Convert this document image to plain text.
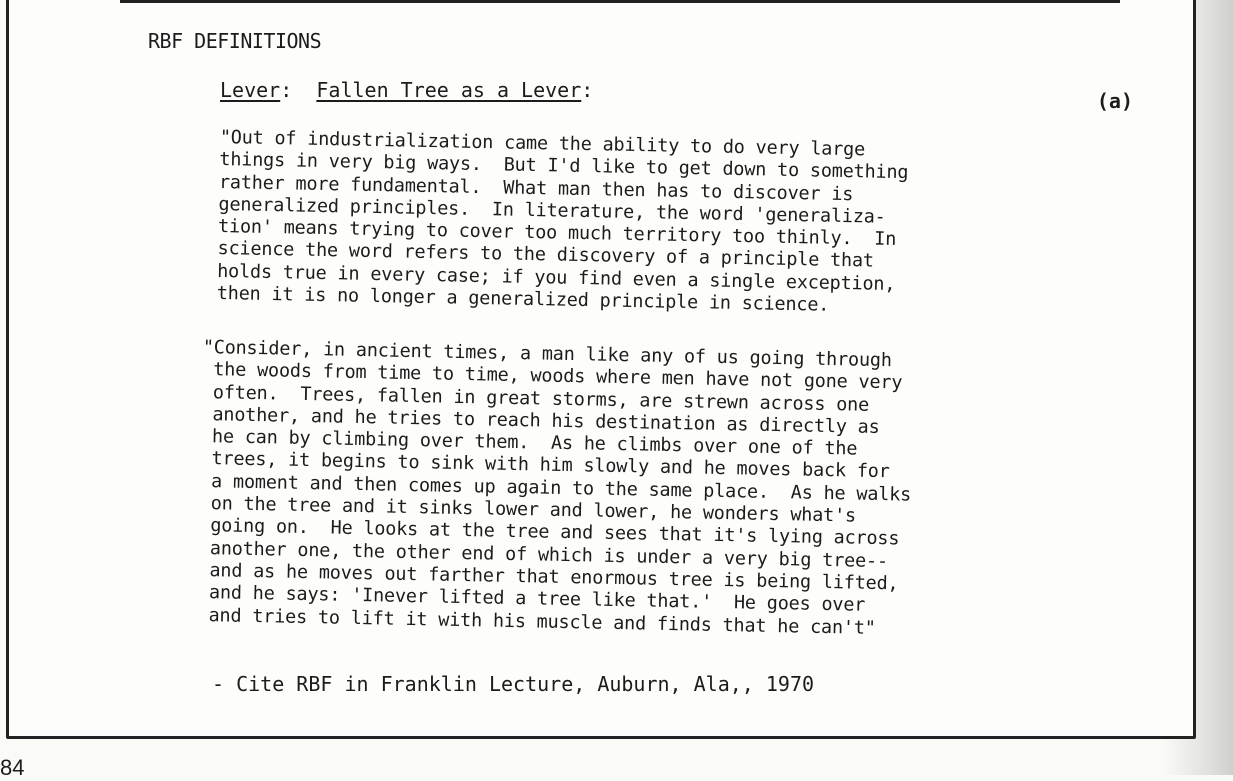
RBF DEFINITIONS
Lever: Fallen Tree as a Lever:	(a)
"Out of industrialization came the ability to do very large
things in very big ways.  But I'd like to get down to something
rather more fundamental.  What man then has to discover is
generalized principles.  In literature, the word 'generaliza-
tion' means trying to cover too much territory too thinly.  In
science the word refers to the discovery of a principle that
holds true in every case; if you find even a single exception,
then it is no longer a generalized principle in science.
"Consider, in ancient times, a man like any of us going through
the woods from time to time, woods where men have not gone very
often.  Trees, fallen in great storms, are strewn across one
another, and he tries to reach his destination as directly as
he can by climbing over them.  As he climbs over one of the
trees, it begins to sink with him slowly and he moves back for
a moment and then comes up again to the same place.  As he walks
on the tree and it sinks lower and lower, he wonders what's
going on.  He looks at the tree and sees that it's lying across
another one, the other end of which is under a very big tree--
and as he moves out farther that enormous tree is being lifted,
and he says: 'Inever lifted a tree like that.'  He goes over
and tries to lift it with his muscle and finds that he can't"
- Cite RBF in Franklin Lecture, Auburn, Ala,, 1970
84
